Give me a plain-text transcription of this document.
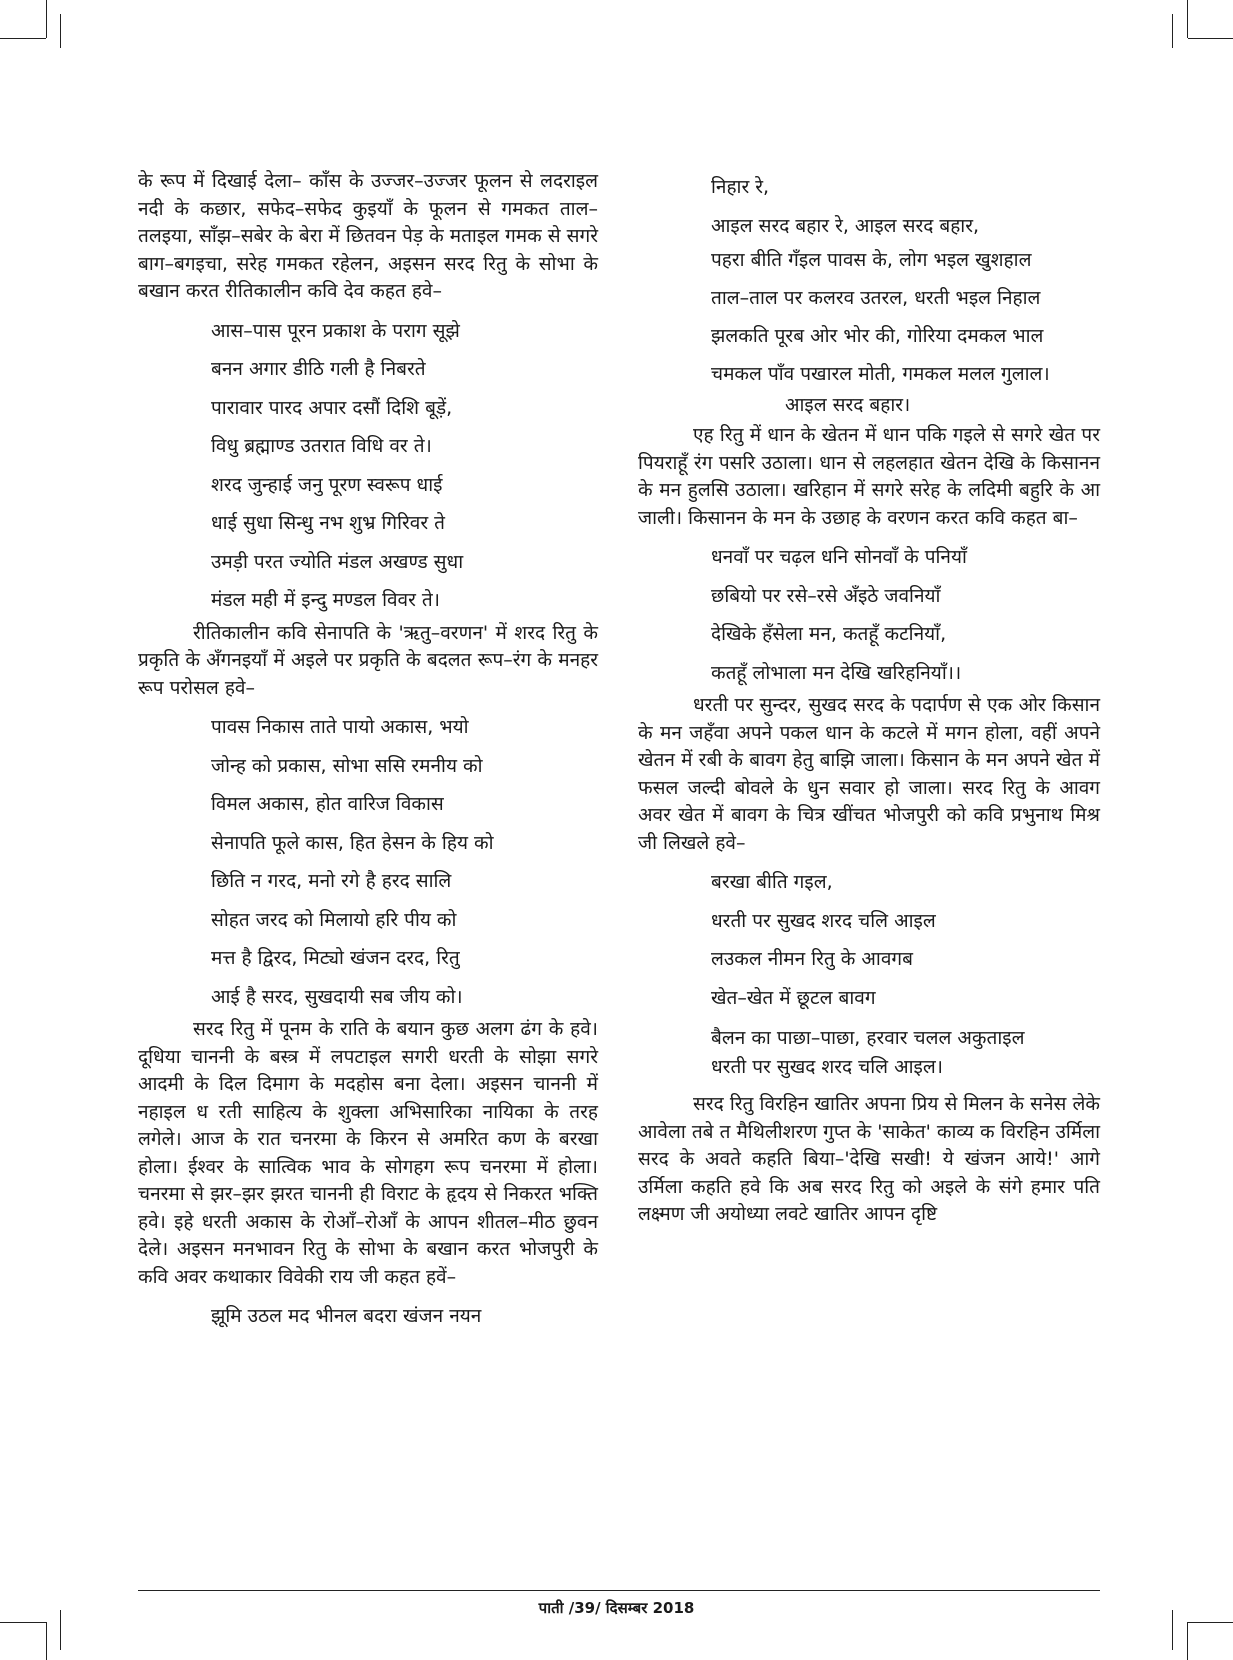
के रूप में दिखाई देला– काँस के उज्जर–उज्जर फूलन से लदराइल नदी के कछार, सफेद–सफेद कुइयाँ के फूलन से गमकत ताल–तलइया, साँझ–सबेर के बेरा में छितवन पेड़ के मताइल गमक से सगरे बाग–बगइचा, सरेह गमकत रहेलन, अइसन सरद रितु के सोभा के बखान करत रीतिकालीन कवि देव कहत हवे–

आस–पास पूरन प्रकाश के पराग सूझे

बनन अगार डीठि गली है निबरते

पारावार पारद अपार दसौं दिशि बूड़ें,

विधु ब्रह्माण्ड उतरात विधि वर ते।

शरद जुन्हाई जनु पूरण स्वरूप धाई

धाई सुधा सिन्धु नभ शुभ्र गिरिवर ते

उमड़ी परत ज्योति मंडल अखण्ड सुधा

मंडल मही में इन्दु मण्डल विवर ते।

रीतिकालीन कवि सेनापति के 'ऋतु–वरणन' में शरद रितु के प्रकृति के अँगनइयाँ में अइले पर प्रकृति के बदलत रूप–रंग के मनहर रूप परोसल हवे–

पावस निकास ताते पायो अकास, भयो

जोन्ह को प्रकास, सोभा ससि रमनीय को

विमल अकास, होत वारिज विकास

सेनापति फूले कास, हित हेसन के हिय को

छिति न गरद, मनो रगे है हरद सालि

सोहत जरद को मिलायो हरि पीय को

मत्त है द्विरद, मिट्यो खंजन दरद, रितु

आई है सरद, सुखदायी सब जीय को।

सरद रितु में पूनम के राति के बयान कुछ अलग ढंग के हवे। दूधिया चाननी के बस्त्र में लपटाइल सगरी धरती के सोझा सगरे आदमी के दिल दिमाग के मदहोस बना देला। अइसन चाननी में नहाइल ध रती साहित्य के शुक्ला अभिसारिका नायिका के तरह लगेले। आज के रात चनरमा के किरन से अमरित कण के बरखा होला। ईश्वर के सात्विक भाव के सोगहग रूप चनरमा में होला। चनरमा से झर–झर झरत चाननी ही विराट के हृदय से निकरत भक्ति हवे। इहे धरती अकास के रोआँ–रोआँ के आपन शीतल–मीठ छुवन देले। अइसन मनभावन रितु के सोभा के बखान करत भोजपुरी के कवि अवर कथाकार विवेकी राय जी कहत हवें–

झूमि उठल मद भीनल बदरा खंजन नयन

निहार रे,

आइल सरद बहार रे, आइल सरद बहार,

पहरा बीति गँइल पावस के, लोग भइल खुशहाल

ताल–ताल पर कलरव उतरल, धरती भइल निहाल

झलकति पूरब ओर भोर की, गोरिया दमकल भाल

चमकल पाँव पखारल मोती, गमकल मलल गुलाल।

आइल सरद बहार।

एह रितु में धान के खेतन में धान पकि गइले से सगरे खेत पर पियराहूँ रंग पसरि उठाला। धान से लहलहात खेतन देखि के किसानन के मन हुलसि उठाला। खरिहान में सगरे सरेह के लदिमी बहुरि के आ जाली। किसानन के मन के उछाह के वरणन करत कवि कहत बा–

धनवाँ पर चढ़ल धनि सोनवाँ के पनियाँ

छबियो पर रसे–रसे अँइठे जवनियाँ

देखिके हँसेला मन, कतहूँ कटनियाँ,

कतहूँ लोभाला मन देखि खरिहनियाँ।।

धरती पर सुन्दर, सुखद सरद के पदार्पण से एक ओर किसान के मन जहँवा अपने पकल धान के कटले में मगन होला, वहीं अपने खेतन में रबी के बावग हेतु बाझि जाला। किसान के मन अपने खेत में फसल जल्दी बोवले के धुन सवार हो जाला। सरद रितु के आवग अवर खेत में बावग के चित्र खींचत भोजपुरी को कवि प्रभुनाथ मिश्र जी लिखले हवे–

बरखा बीति गइल,

धरती पर सुखद शरद चलि आइल

लउकल नीमन रितु के आवगब

खेत–खेत में छूटल बावग

बैलन का पाछा–पाछा, हरवार चलल अकुताइल

धरती पर सुखद शरद चलि आइल।

सरद रितु विरहिन खातिर अपना प्रिय से मिलन के सनेस लेके आवेला तबे त मैथिलीशरण गुप्त के 'साकेत' काव्य क विरहिन उर्मिला सरद के अवते कहति बिया–'देखि सखी! ये खंजन आये!' आगे उर्मिला कहति हवे कि अब सरद रितु को अइले के संगे हमार पति लक्ष्मण जी अयोध्या लवटे खातिर आपन दृष्टि

पाती /39/ दिसम्बर 2018
